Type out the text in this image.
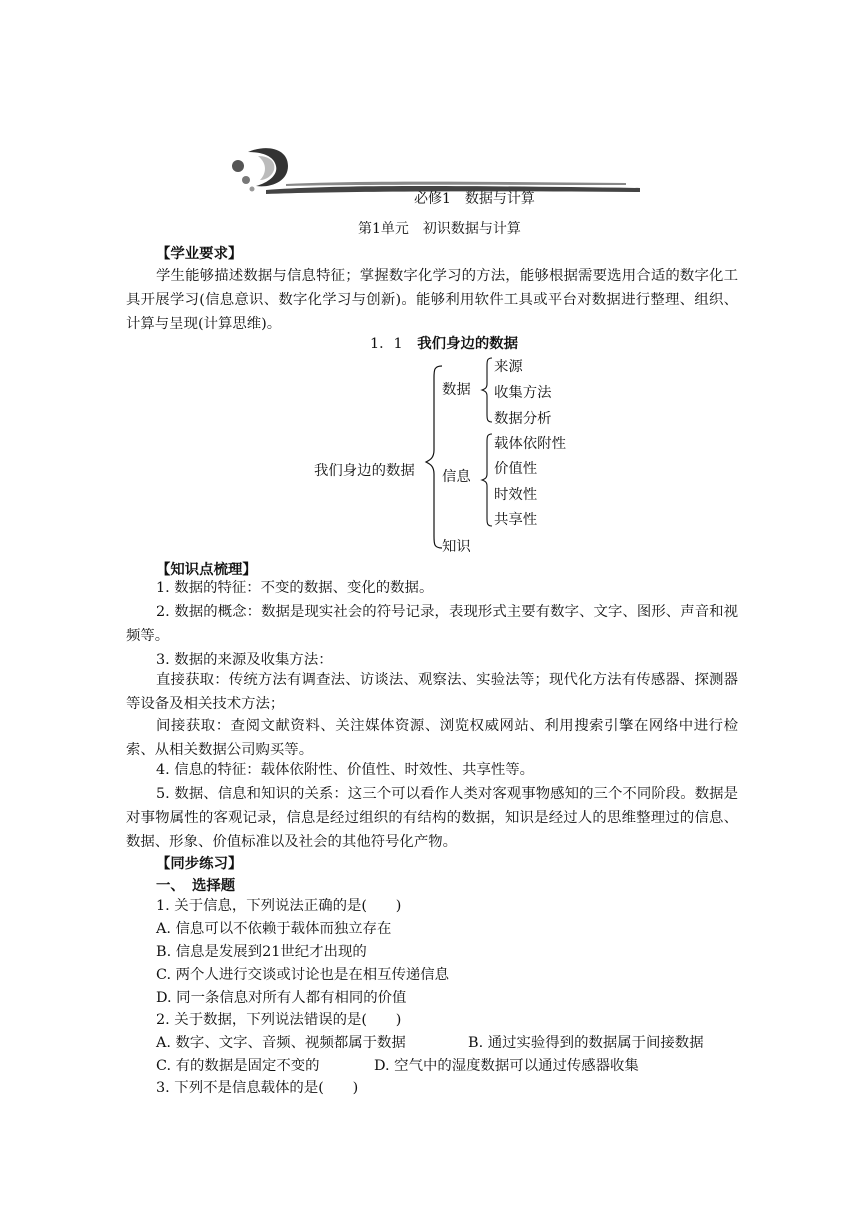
必修1　数据与计算
第1单元　初识数据与计算
【学业要求】
学生能够描述数据与信息特征；掌握数字化学习的方法，能够根据需要选用合适的数字化工具开展学习(信息意识、数字化学习与创新)。能够利用软件工具或平台对数据进行整理、组织、计算与呈现(计算思维)。
1．1 我们身边的数据
我们身边的数据
数据
信息
知识
来源
收集方法
数据分析
载体依附性
价值性
时效性
共享性
【知识点梳理】
1. 数据的特征：不变的数据、变化的数据。
2. 数据的概念：数据是现实社会的符号记录，表现形式主要有数字、文字、图形、声音和视频等。
3. 数据的来源及收集方法：
直接获取：传统方法有调查法、访谈法、观察法、实验法等；现代化方法有传感器、探测器等设备及相关技术方法；
间接获取：查阅文献资料、关注媒体资源、浏览权威网站、利用搜索引擎在网络中进行检索、从相关数据公司购买等。
4. 信息的特征：载体依附性、价值性、时效性、共享性等。
5. 数据、信息和知识的关系：这三个可以看作人类对客观事物感知的三个不同阶段。数据是对事物属性的客观记录，信息是经过组织的有结构的数据，知识是经过人的思维整理过的信息、数据、形象、价值标准以及社会的其他符号化产物。
【同步练习】
一、　选择题
1. 关于信息，下列说法正确的是(　　)
A. 信息可以不依赖于载体而独立存在
B. 信息是发展到21世纪才出现的
C. 两个人进行交谈或讨论也是在相互传递信息
D. 同一条信息对所有人都有相同的价值
2. 关于数据，下列说法错误的是(　　)
A. 数字、文字、音频、视频都属于数据	B. 通过实验得到的数据属于间接数据
C. 有的数据是固定不变的	D. 空气中的湿度数据可以通过传感器收集
3. 下列不是信息载体的是(　　)
